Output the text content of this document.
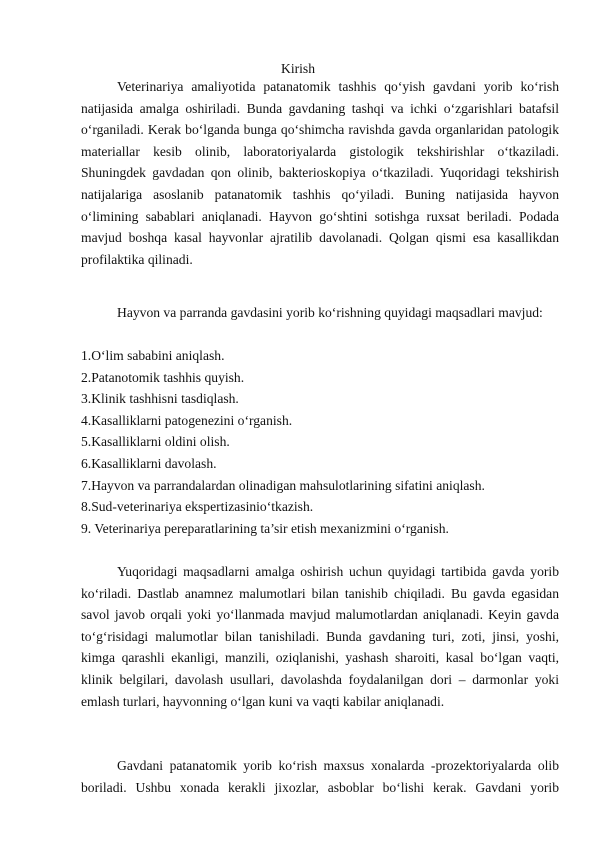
Kirish

Veterinariya amaliyotida patanatomik tashhis qo‘yish gavdani yorib ko‘rish natijasida amalga oshiriladi. Bunda gavdaning tashqi va ichki o‘zgarishlari batafsil o‘rganiladi. Kerak bo‘lganda bunga qo‘shimcha ravishda gavda organlaridan patologik materiallar kesib olinib, laboratoriyalarda gistologik tekshirishlar o‘tkaziladi. Shuningdek gavdadan qon olinib, bakterioskopiya o‘tkaziladi. Yuqoridagi tekshirish natijalariga asoslanib patanatomik tashhis qo‘yiladi. Buning natijasida hayvon o‘limining sabablari aniqlanadi. Hayvon go‘shtini sotishga ruxsat beriladi. Podada mavjud boshqa kasal hayvonlar ajratilib davolanadi. Qolgan qismi esa kasallikdan profilaktika qilinadi.

Hayvon va parranda gavdasini yorib ko‘rishning quyidagi maqsadlari mavjud:

1.O‘lim sababini aniqlash.
2.Patanotomik tashhis quyish.
3.Klinik tashhisni tasdiqlash.
4.Kasalliklarni patogenezini o‘rganish.
5.Kasalliklarni oldini olish.
6.Kasalliklarni davolash.
7.Hayvon va parrandalardan olinadigan mahsulotlarining sifatini aniqlash.
8.Sud-veterinariya ekspertizasinio‘tkazish.
9. Veterinariya pereparatlarining ta’sir etish mexanizmini o‘rganish.

Yuqoridagi maqsadlarni amalga oshirish uchun quyidagi tartibida gavda yorib ko‘riladi. Dastlab anamnez malumotlari bilan tanishib chiqiladi. Bu gavda egasidan savol javob orqali yoki yo‘llanmada mavjud malumotlardan aniqlanadi. Keyin gavda to‘g‘risidagi malumotlar bilan tanishiladi. Bunda gavdaning turi, zoti, jinsi, yoshi, kimga qarashli ekanligi, manzili, oziqlanishi, yashash sharoiti, kasal bo‘lgan vaqti, klinik belgilari, davolash usullari, davolashda foydalanilgan dori – darmonlar yoki emlash turlari, hayvonning o‘lgan kuni va vaqti kabilar aniqlanadi.

Gavdani patanatomik yorib ko‘rish maxsus xonalarda -prozektoriyalarda olib boriladi. Ushbu xonada kerakli jixozlar, asboblar bo‘lishi kerak. Gavdani yorib
